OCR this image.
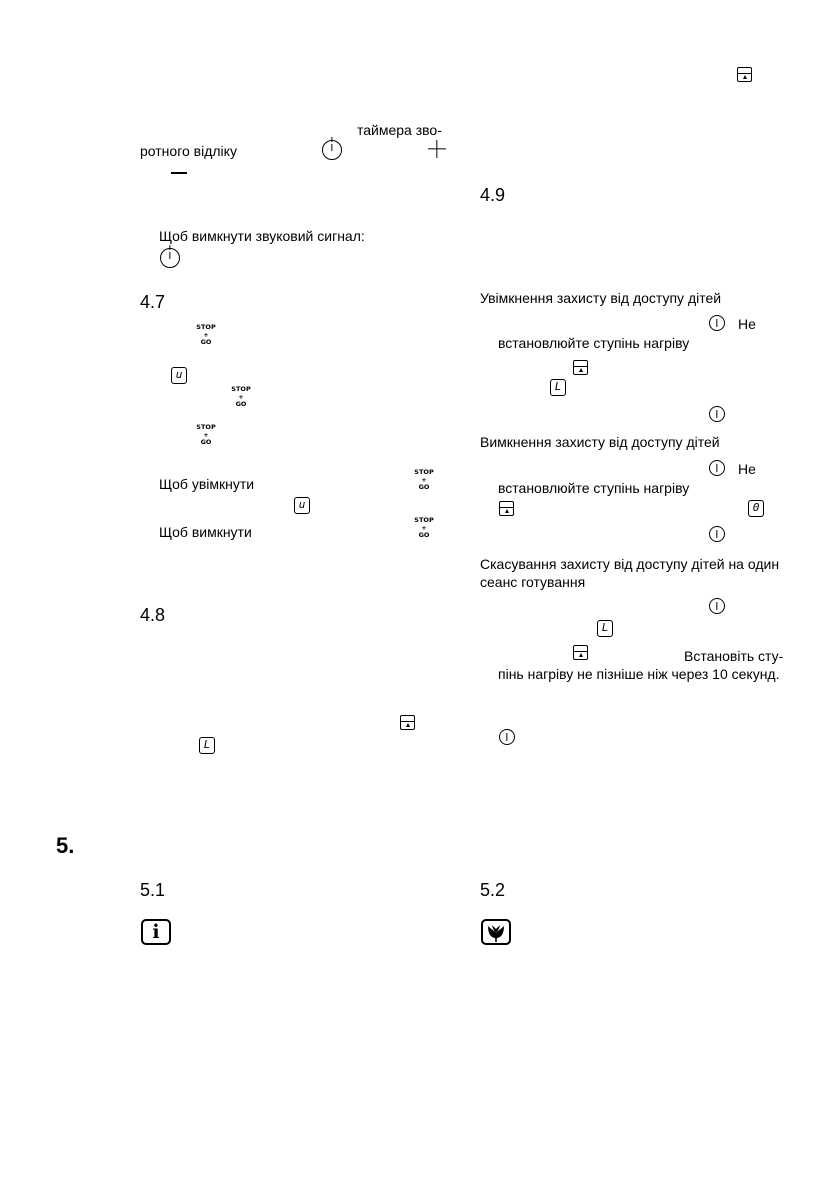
таймера зво-
ротного відліку
Щоб вимкнути звуковий сигнал:
4.7
STOP
+
GO
u
STOP
+
GO
STOP
+
GO
Щоб увімкнути
STOP
+
GO
u
Щоб вимкнути
STOP
+
GO
4.8
L
4.9
Увімкнення захисту від доступу дітей
Не
встановлюйте ступінь нагріву
L
Вимкнення захисту від доступу дітей
Не
встановлюйте ступінь нагріву
0
Скасування захисту від доступу дітей на один
сеанс готування
L
Встановіть сту-
пінь нагріву не пізніше ніж через 10 секунд.
5.
5.1
i
5.2
